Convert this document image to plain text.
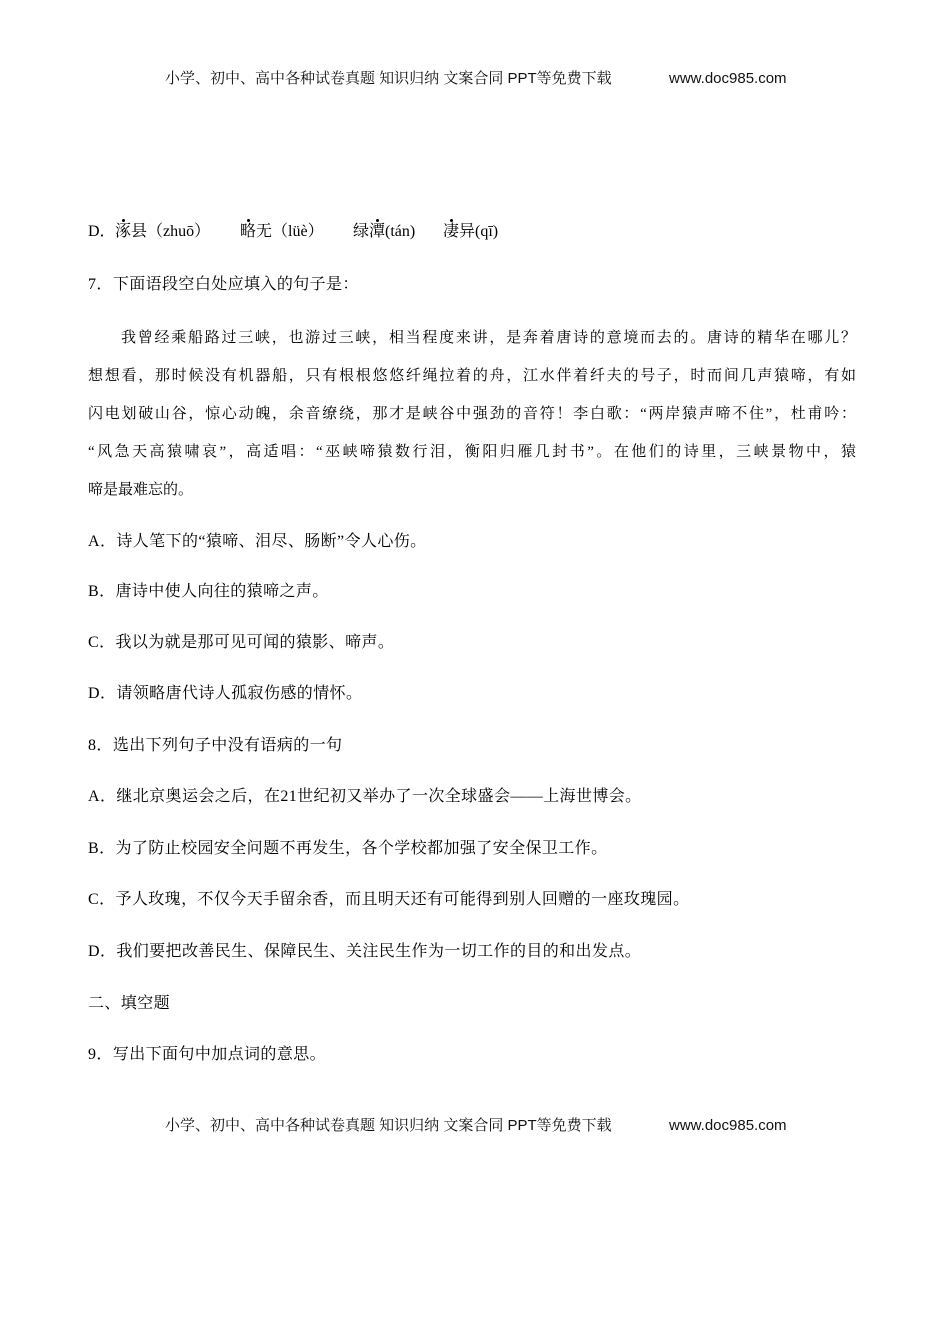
小学、初中、高中各种试卷真题 知识归纳 文案合同 PPT等免费下载	www.doc985.com
D． 涿县（zhuō） 略无（lüè） 绿潭(tán) 凄异(qī)
7．下面语段空白处应填入的句子是：
我曾经乘船路过三峡，也游过三峡，相当程度来讲，是奔着唐诗的意境而去的。唐诗的精华在哪儿？
想想看，那时候没有机器船，只有根根悠悠纤绳拉着的舟，江水伴着纤夫的号子，时而间几声猿啼，有如
闪电划破山谷，惊心动魄，余音缭绕，那才是峡谷中强劲的音符！李白歌：“两岸猿声啼不住”，杜甫吟：
“风急天高猿啸哀”，高适唱：“巫峡啼猿数行泪，衡阳归雁几封书”。在他们的诗里，三峡景物中，猿
啼是最难忘的。
A．诗人笔下的“猿啼、泪尽、肠断”令人心伤。
B．唐诗中使人向往的猿啼之声。
C．我以为就是那可见可闻的猿影、啼声。
D．请领略唐代诗人孤寂伤感的情怀。
8．选出下列句子中没有语病的一句
A．继北京奥运会之后，在21世纪初又举办了一次全球盛会——上海世博会。
B．为了防止校园安全问题不再发生，各个学校都加强了安全保卫工作。
C．予人玫瑰，不仅今天手留余香，而且明天还有可能得到别人回赠的一座玫瑰园。
D．我们要把改善民生、保障民生、关注民生作为一切工作的目的和出发点。
二、填空题
9．写出下面句中加点词的意思。
小学、初中、高中各种试卷真题 知识归纳 文案合同 PPT等免费下载	www.doc985.com
